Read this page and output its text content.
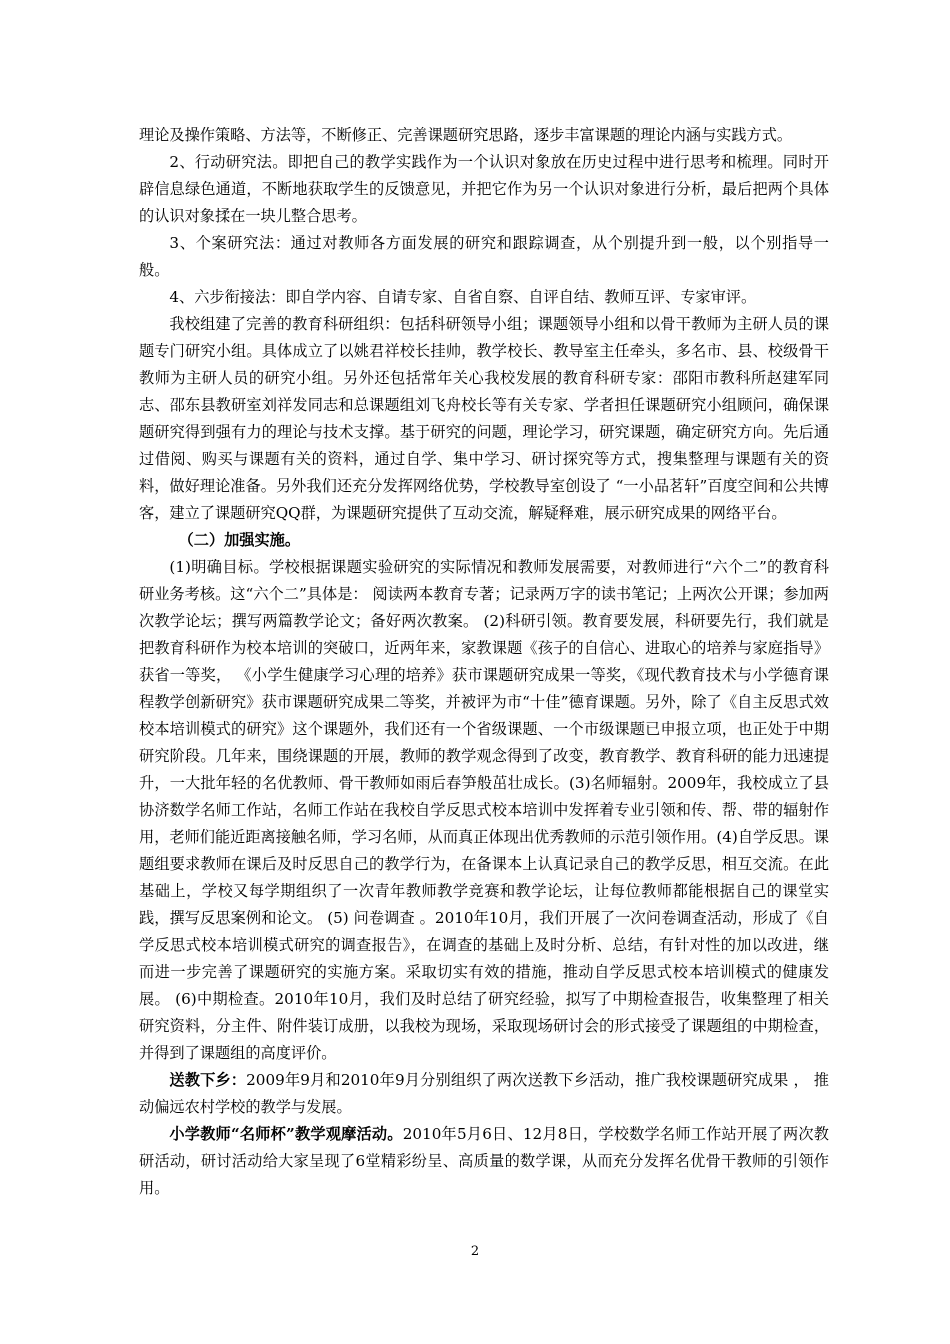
理论及操作策略、方法等，不断修正、完善课题研究思路，逐步丰富课题的理论内涵与实践方式。

2、行动研究法。即把自己的教学实践作为一个认识对象放在历史过程中进行思考和梳理。同时开辟信息绿色通道，不断地获取学生的反馈意见，并把它作为另一个认识对象进行分析，最后把两个具体的认识对象揉在一块儿整合思考。

3、个案研究法：通过对教师各方面发展的研究和跟踪调查，从个别提升到一般，以个别指导一般。

4、六步衔接法：即自学内容、自请专家、自省自察、自评自结、教师互评、专家审评。

我校组建了完善的教育科研组织：包括科研领导小组；课题领导小组和以骨干教师为主研人员的课题专门研究小组。具体成立了以姚君祥校长挂帅，教学校长、教导室主任牵头，多名市、县、校级骨干教师为主研人员的研究小组。另外还包括常年关心我校发展的教育科研专家：邵阳市教科所赵建军同志、邵东县教研室刘祥发同志和总课题组刘飞舟校长等有关专家、学者担任课题研究小组顾问，确保课题研究得到强有力的理论与技术支撑。基于研究的问题，理论学习，研究课题，确定研究方向。先后通过借阅、购买与课题有关的资料，通过自学、集中学习、研讨探究等方式，搜集整理与课题有关的资料，做好理论准备。另外我们还充分发挥网络优势，学校教导室创设了 “一小品茗轩”百度空间和公共博客，建立了课题研究QQ群，为课题研究提供了互动交流，解疑释难，展示研究成果的网络平台。

（二）加强实施。

(1)明确目标。学校根据课题实验研究的实际情况和教师发展需要，对教师进行“六个二”的教育科研业务考核。这“六个二”具体是： 阅读两本教育专著；记录两万字的读书笔记；上两次公开课；参加两次教学论坛；撰写两篇教学论文；备好两次教案。 (2)科研引领。教育要发展，科研要先行，我们就是把教育科研作为校本培训的突破口，近两年来，家教课题《孩子的自信心、进取心的培养与家庭指导》获省一等奖， 《小学生健康学习心理的培养》获市课题研究成果一等奖，《现代教育技术与小学德育课程教学创新研究》获市课题研究成果二等奖，并被评为市“十佳”德育课题。另外，除了《自主反思式效校本培训模式的研究》这个课题外，我们还有一个省级课题、一个市级课题已申报立项，也正处于中期研究阶段。几年来，围绕课题的开展，教师的教学观念得到了改变，教育教学、教育科研的能力迅速提升，一大批年轻的名优教师、骨干教师如雨后春笋般茁壮成长。(3)名师辐射。2009年，我校成立了县协济数学名师工作站，名师工作站在我校自学反思式校本培训中发挥着专业引领和传、帮、带的辐射作用，老师们能近距离接触名师，学习名师，从而真正体现出优秀教师的示范引领作用。(4)自学反思。课题组要求教师在课后及时反思自己的教学行为，在备课本上认真记录自己的教学反思，相互交流。在此基础上，学校又每学期组织了一次青年教师教学竞赛和教学论坛，让每位教师都能根据自己的课堂实践，撰写反思案例和论文。 (5) 问卷调查 。2010年10月，我们开展了一次问卷调查活动，形成了《自学反思式校本培训模式研究的调查报告》，在调查的基础上及时分析、总结，有针对性的加以改进，继而进一步完善了课题研究的实施方案。采取切实有效的措施，推动自学反思式校本培训模式的健康发展。 (6)中期检查。2010年10月，我们及时总结了研究经验，拟写了中期检查报告，收集整理了相关研究资料，分主件、附件装订成册，以我校为现场，采取现场研讨会的形式接受了课题组的中期检查，并得到了课题组的高度评价。

送教下乡：2009年9月和2010年9月分别组织了两次送教下乡活动，推广我校课题研究成果 ， 推动偏远农村学校的教学与发展。

小学教师“名师杯”教学观摩活动。2010年5月6日、12月8日，学校数学名师工作站开展了两次教研活动，研讨活动给大家呈现了6堂精彩纷呈、高质量的数学课，从而充分发挥名优骨干教师的引领作用。

2
